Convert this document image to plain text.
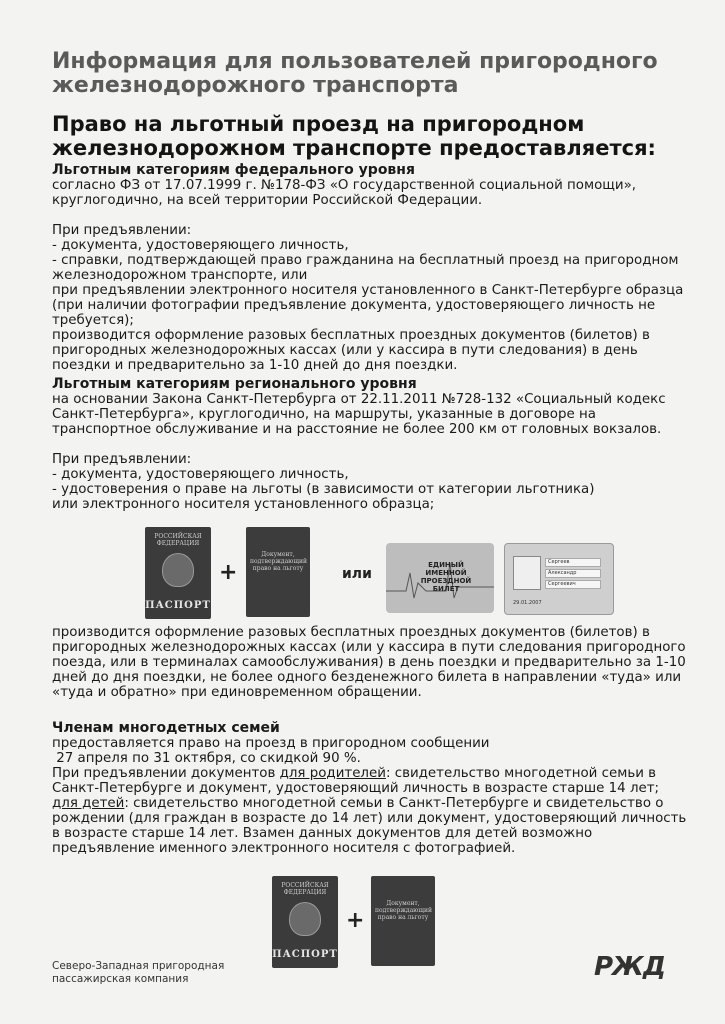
Информация для пользователей пригородного железнодорожного транспорта
Право на льготный проезд на пригородном железнодорожном транспорте предоставляется:

Льготным категориям федерального уровня

согласно ФЗ от 17.07.1999 г. №178-ФЗ «О государственной социальной помощи», круглогодично, на всей территории Российской Федерации.

При предъявлении:

- документа, удостоверяющего личность,

- справки, подтверждающей право гражданина на бесплатный проезд на пригородном железнодорожном транспорте, или

при предъявлении электронного носителя установленного в Санкт-Петербурге образца (при наличии фотографии предъявление документа, удостоверяющего личность не требуется);

производится оформление разовых бесплатных проездных документов (билетов) в пригородных железнодорожных кассах (или у кассира в пути следования) в день поездки и предварительно за 1-10 дней до дня поездки.

Льготным категориям регионального уровня

на основании Закона Санкт-Петербурга от 22.11.2011 №728-132 «Социальный кодекс Санкт-Петербурга», круглогодично, на маршруты, указанные в договоре на транспортное обслуживание и на расстояние не более 200 км от головных вокзалов.

При предъявлении:

- документа, удостоверяющего личность,

- удостоверения о праве на льготы (в зависимости от категории льготника)

или электронного носителя установленного образца;

РОССИЙСКАЯ
ФЕДЕРАЦИЯ
ПАСПОРТ
+
Документ, подтверждающий право на льготу	или
ЕДИНЫЙ ИМЕННОЙ ПРОЕЗДНОЙ БИЛЕТ
Сергеев
Александр
Сергеевич
29.01.2007

производится оформление разовых бесплатных проездных документов (билетов) в пригородных железнодорожных кассах (или у кассира в пути следования пригородного поезда, или в терминалах самообслуживания) в день поездки и предварительно за 1-10 дней до дня поездки, не более одного безденежного билета в направлении «туда» или «туда и обратно» при единовременном обращении.

Членам многодетных семей

предоставляется право на проезд в пригородном сообщении

27 апреля по 31 октября, со скидкой 90 %.

При предъявлении документов для родителей: свидетельство многодетной семьи в Санкт-Петербурге и документ, удостоверяющий личность в возрасте старше 14 лет;

для детей: свидетельство многодетной семьи в Санкт-Петербурге и свидетельство о рождении (для граждан в возрасте до 14 лет) или документ, удостоверяющий личность в возрасте старше 14 лет. Взамен данных документов для детей возможно предъявление именного электронного носителя с фотографией.

РОССИЙСКАЯ
ФЕДЕРАЦИЯ
ПАСПОРТ
+
Документ, подтверждающий право на льготу
Северо-Западная пригородная
пассажирская компания	РЖД
